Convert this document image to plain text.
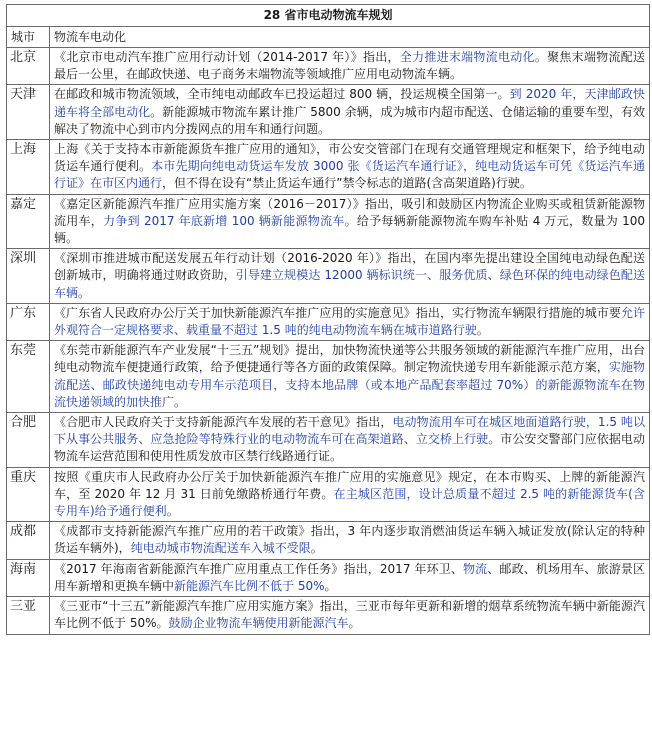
28 省市电动物流车规划	
城市	物流车电动化
北京	《北京市电动汽车推广应用行动计划（2014-2017 年）》指出，全力推进末端物流电动化。聚焦末端物流配送最后一公里，在邮政快递、电子商务末端物流等领域推广应用电动物流车辆。
天津	在邮政和城市物流领域，全市纯电动邮政车已投运超过 800 辆，投运规模全国第一。到 2020 年，天津邮政快递车将全部电动化。新能源城市物流车累计推广 5800 余辆，成为城市内超市配送、仓储运输的重要车型，有效解决了物流中心到市内分拨网点的用车和通行问题。
上海	上海《关于支持本市新能源货车推广应用的通知》，市公安交管部门在现有交通管理规定和框架下，给予纯电动货运车通行便利。本市先期向纯电动货运车发放 3000 张《货运汽车通行证》，纯电动货运车可凭《货运汽车通行证》在市区内通行，但不得在设有“禁止货运车通行”禁令标志的道路(含高架道路)行驶。
嘉定	《嘉定区新能源汽车推广应用实施方案（2016－2017）》指出，吸引和鼓励区内物流企业购买或租赁新能源物流用车，力争到 2017 年底新增 100 辆新能源物流车。给予每辆新能源物流车购车补贴 4 万元，数量为 100 辆。
深圳	《深圳市推进城市配送发展五年行动计划（2016-2020 年）》指出，在国内率先提出建设全国纯电动绿色配送创新城市，明确将通过财政资助，引导建立规模达 12000 辆标识统一、服务优质、绿色环保的纯电动绿色配送车辆。
广东	《广东省人民政府办公厅关于加快新能源汽车推广应用的实施意见》指出，实行物流车辆限行措施的城市要允许外观符合一定规格要求、载重量不超过 1.5 吨的纯电动物流车辆在城市道路行驶。
东莞	《东莞市新能源汽车产业发展“十三五”规划》提出，加快物流快递等公共服务领域的新能源汽车推广应用，出台纯电动物流车便捷通行政策，给予便捷通行等各方面的政策保障。制定物流快递专用车新能源示范方案，实施物流配送、邮政快递纯电动专用车示范项目，支持本地品牌（或本地产品配套率超过 70%）的新能源物流车在物流快递领域的加快推广。
合肥	《合肥市人民政府关于支持新能源汽车发展的若干意见》指出，电动物流用车可在城区地面道路行驶，1.5 吨以下从事公共服务、应急抢险等特殊行业的电动物流车可在高架道路、立交桥上行驶。市公安交警部门应依据电动物流车运营范围和使用性质发放市区禁行线路通行证。
重庆	按照《重庆市人民政府办公厅关于加快新能源汽车推广应用的实施意见》规定，在本市购买、上牌的新能源汽车，至 2020 年 12 月 31 日前免缴路桥通行年费。在主城区范围，设计总质量不超过 2.5 吨的新能源货车(含专用车)给予通行便利。
成都	《成都市支持新能源汽车推广应用的若干政策》指出，3 年内逐步取消燃油货运车辆入城证发放(除认定的特种货运车辆外)，纯电动城市物流配送车入城不受限。
海南	《2017 年海南省新能源汽车推广应用重点工作任务》指出，2017 年环卫、物流、邮政、机场用车、旅游景区用车新增和更换车辆中新能源汽车比例不低于 50%。
三亚	《三亚市“十三五”新能源汽车推广应用实施方案》指出，三亚市每年更新和新增的烟草系统物流车辆中新能源汽车比例不低于 50%。鼓励企业物流车辆使用新能源汽车。
